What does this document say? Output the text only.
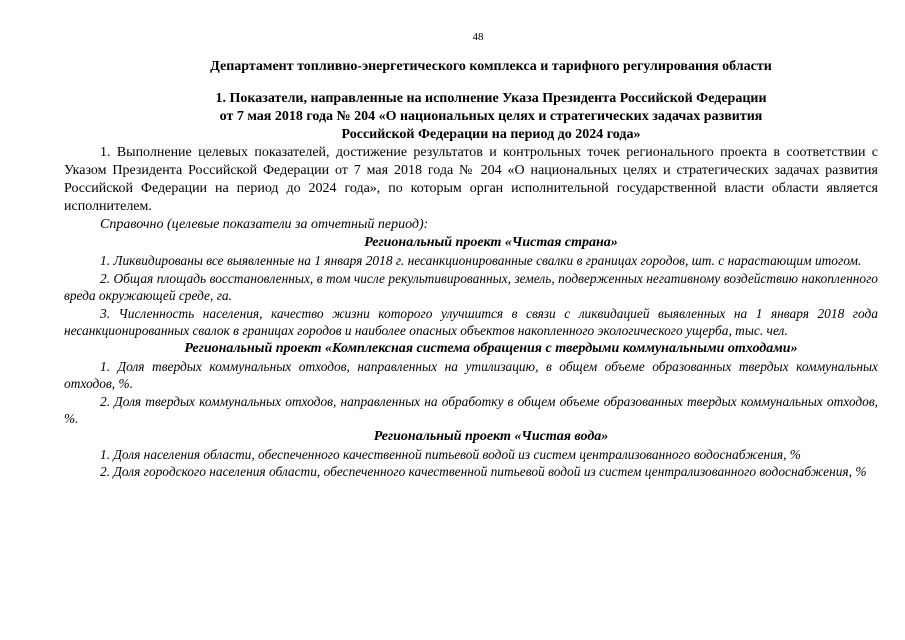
48
Департамент топливно-энергетического комплекса и тарифного регулирования области
1. Показатели, направленные на исполнение Указа Президента Российской Федерации
от 7 мая 2018 года № 204 «О национальных целях и стратегических задачах развития
Российской Федерации на период до 2024 года»

1. Выполнение целевых показателей, достижение результатов и контрольных точек регионального проекта в соответствии с Указом Президента Российской Федерации от 7 мая 2018 года № 204 «О национальных целях и стратегических задачах развития Российской Федерации на период до 2024 года», по которым орган исполнительной государственной власти области является исполнителем.

Справочно (целевые показатели за отчетный период):

Региональный проект «Чистая страна»

1. Ликвидированы все выявленные на 1 января 2018 г. несанкционированные свалки в границах городов, шт. с нарастающим итогом.

2. Общая площадь восстановленных, в том числе рекультивированных, земель, подверженных негативному воздействию накопленного вреда окружающей среде, га.

3. Численность населения, качество жизни которого улучшится в связи с ликвидацией выявленных на 1 января 2018 года несанкционированных свалок в границах городов и наиболее опасных объектов накопленного экологического ущерба, тыс. чел.

Региональный проект «Комплексная система обращения с твердыми коммунальными отходами»

1. Доля твердых коммунальных отходов, направленных на утилизацию, в общем объеме образованных твердых коммунальных отходов, %.

2. Доля твердых коммунальных отходов, направленных на обработку в общем объеме образованных твердых коммунальных отходов, %.

Региональный проект «Чистая вода»

1. Доля населения области, обеспеченного качественной питьевой водой из систем централизованного водоснабжения, %

2. Доля городского населения области, обеспеченного качественной питьевой водой из систем централизованного водоснабжения, %
